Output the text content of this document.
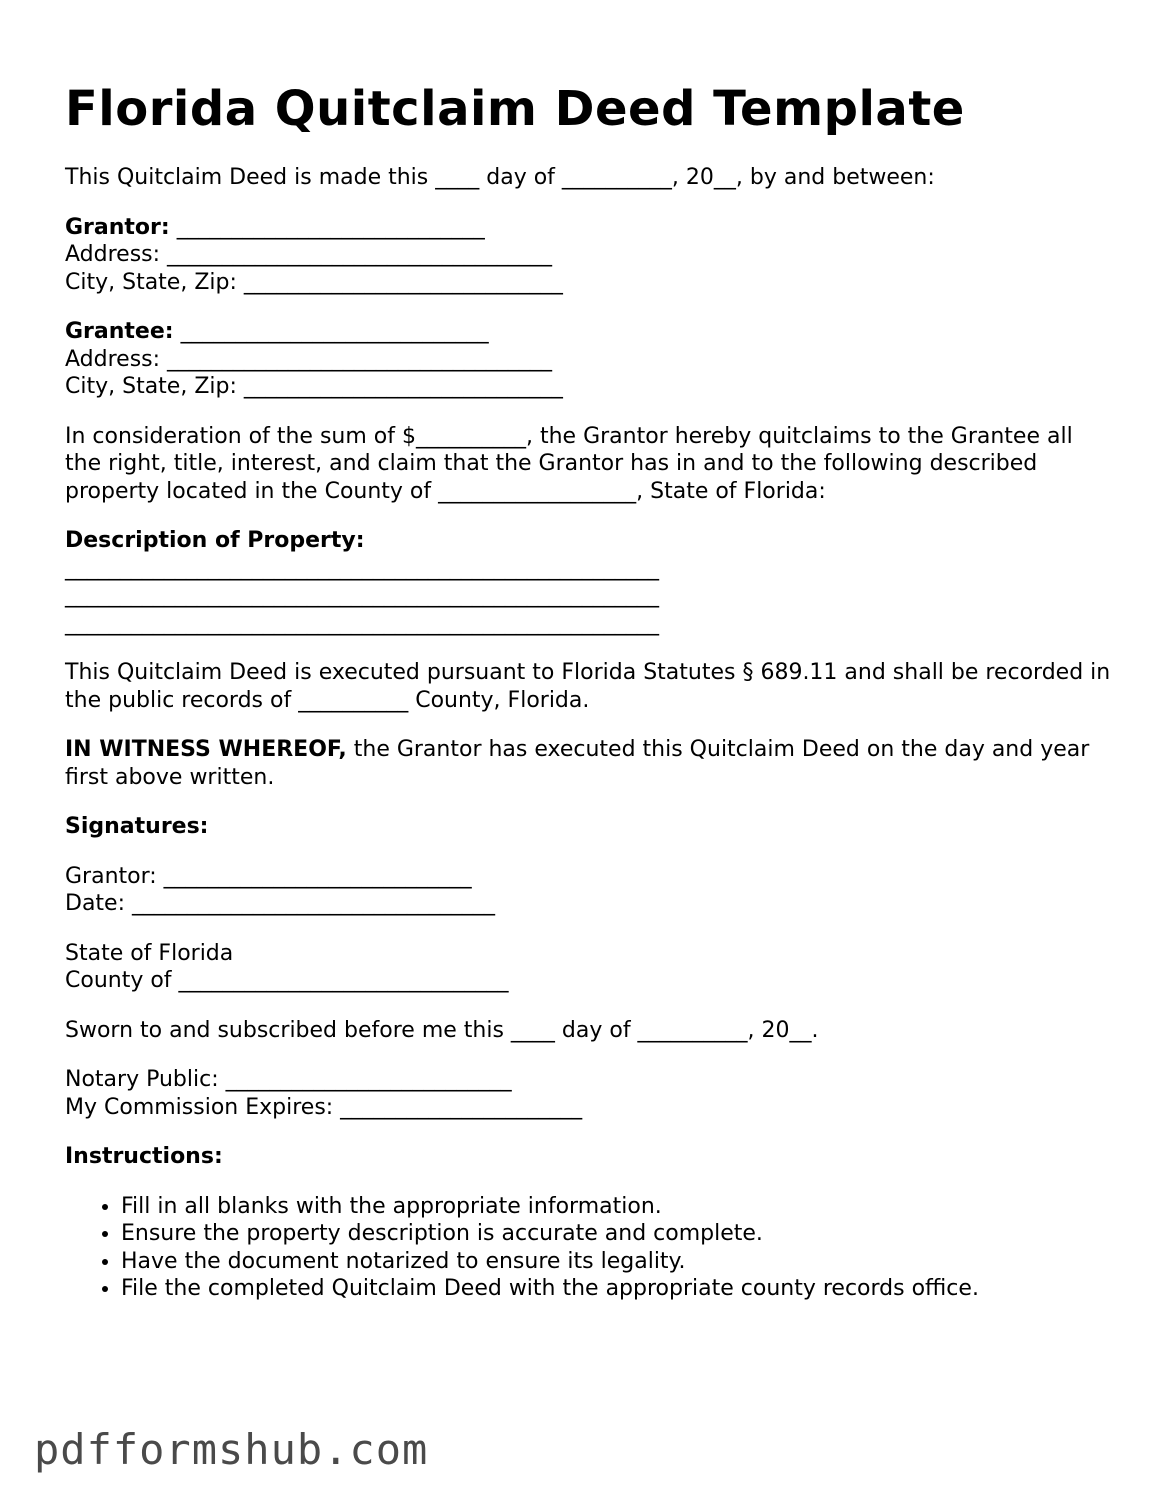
Florida Quitclaim Deed Template

This Quitclaim Deed is made this ____ day of __________, 20__, by and between:

Grantor: ____________________________
Address: ___________________________________
City, State, Zip: _____________________________

Grantee: ____________________________
Address: ___________________________________
City, State, Zip: _____________________________

In consideration of the sum of $__________, the Grantor hereby quitclaims to the Grantee all the right, title, interest, and claim that the Grantor has in and to the following described property located in the County of __________________, State of Florida:

Description of Property:
______________________________________________________
______________________________________________________
______________________________________________________

This Quitclaim Deed is executed pursuant to Florida Statutes § 689.11 and shall be recorded in the public records of __________ County, Florida.

IN WITNESS WHEREOF, the Grantor has executed this Quitclaim Deed on the day and year first above written.

Signatures:

Grantor: ____________________________
Date: _________________________________

State of Florida
County of ______________________________

Sworn to and subscribed before me this ____ day of __________, 20__.

Notary Public: __________________________
My Commission Expires: ______________________

Instructions:

• Fill in all blanks with the appropriate information.
• Ensure the property description is accurate and complete.
• Have the document notarized to ensure its legality.
• File the completed Quitclaim Deed with the appropriate county records office.
pdfformshub.com
